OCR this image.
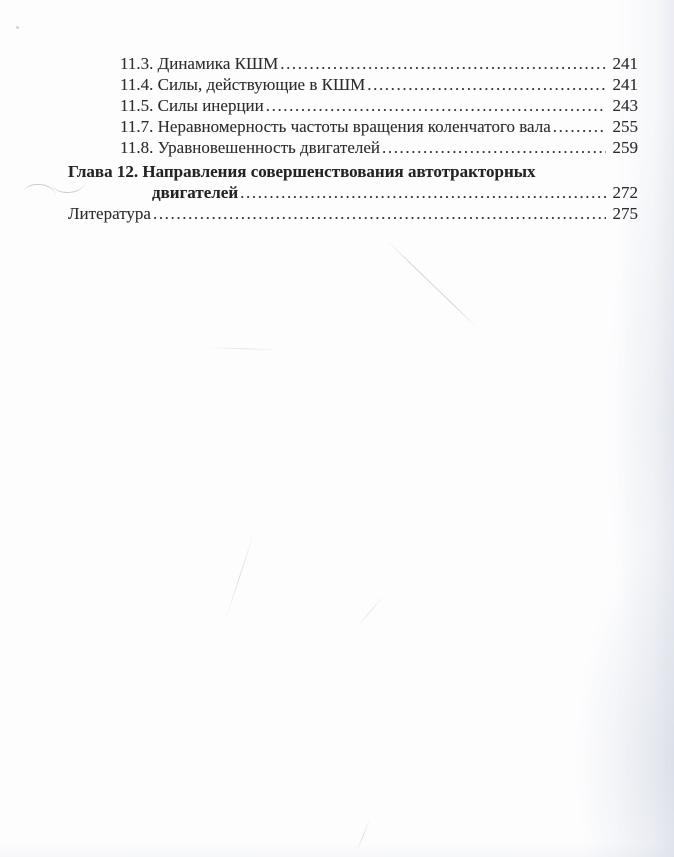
11.3. Динамика КШМ .....	241
11.4. Силы, действующие в КШМ .....	241
11.5. Силы инерции .....	243
11.7. Неравномерность частоты вращения коленчатого вала .....	255
11.8. Уравновешенность двигателей .....	259
Глава 12. Направления совершенствования автотракторных
двигателей .....	272
Литература .....	275
